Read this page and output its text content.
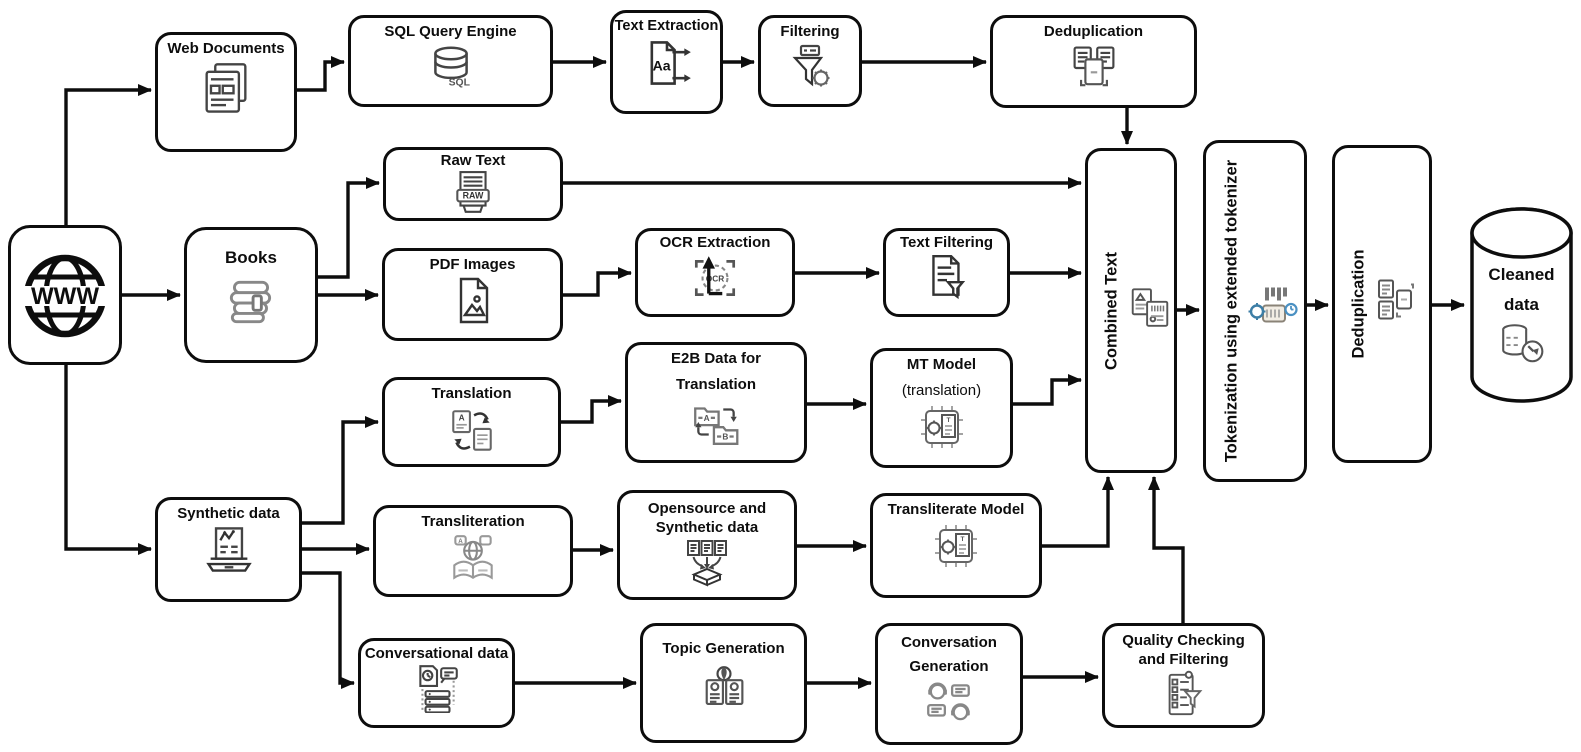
WWW
Web Documents
SQL Query Engine
SQL
Text Extraction
Aa
Filtering	Deduplication
Raw Text
RAW
Books	PDF Images
OCR Extraction
OCR
Text Filtering
Translation
A
E2B Data for
Translation
A
B
MT Model
(translation)
T
Synthetic data	Transliteration
A
Opensource and
Synthetic data
Transliterate Model
T
Conversational data	Topic Generation	Conversation
Generation
Quality Checking
and Filtering
Combined Text	Tokenization using extended tokenizer	Deduplication	Cleaned
data
